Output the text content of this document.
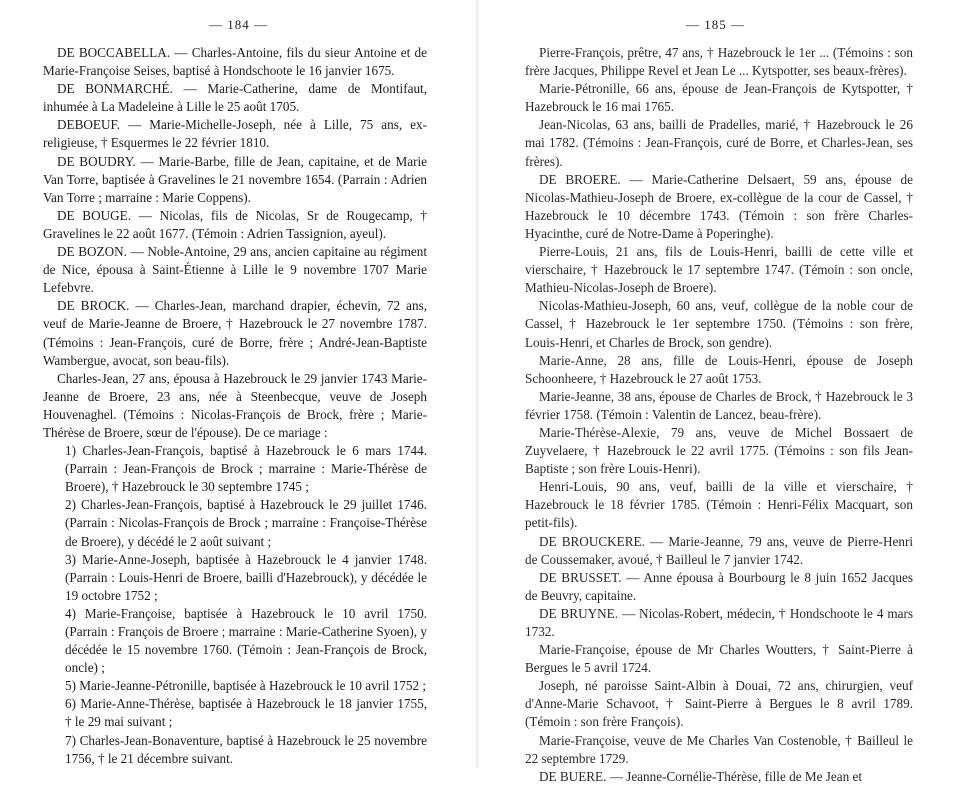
— 184 —

DE BOCCABELLA. — Charles-Antoine, fils du sieur Antoine et de Marie-Françoise Seises, baptisé à Hondschoote le 16 janvier 1675.

DE BONMARCHÉ. — Marie-Catherine, dame de Montifaut, inhumée à La Madeleine à Lille le 25 août 1705.

DEBOEUF. — Marie-Michelle-Joseph, née à Lille, 75 ans, ex-religieuse, † Esquermes le 22 février 1810.

DE BOUDRY. — Marie-Barbe, fille de Jean, capitaine, et de Marie Van Torre, baptisée à Gravelines le 21 novembre 1654. (Parrain : Adrien Van Torre ; marraine : Marie Coppens).

DE BOUGE. — Nicolas, fils de Nicolas, Sr de Rougecamp, † Gravelines le 22 août 1677. (Témoin : Adrien Tassignion, ayeul).

DE BOZON. — Noble-Antoine, 29 ans, ancien capitaine au régiment de Nice, épousa à Saint-Étienne à Lille le 9 novembre 1707 Marie Lefebvre.

DE BROCK. — Charles-Jean, marchand drapier, échevin, 72 ans, veuf de Marie-Jeanne de Broere, † Hazebrouck le 27 novembre 1787. (Témoins : Jean-François, curé de Borre, frère ; André-Jean-Baptiste Wambergue, avocat, son beau-fils).

Charles-Jean, 27 ans, épousa à Hazebrouck le 29 janvier 1743 Marie-Jeanne de Broere, 23 ans, née à Steenbecque, veuve de Joseph Houvenaghel. (Témoins : Nicolas-François de Brock, frère ; Marie-Thérèse de Broere, sœur de l'épouse). De ce mariage :

1) Charles-Jean-François, baptisé à Hazebrouck le 6 mars 1744. (Parrain : Jean-François de Brock ; marraine : Marie-Thérèse de Broere), † Hazebrouck le 30 septembre 1745 ;

2) Charles-Jean-François, baptisé à Hazebrouck le 29 juillet 1746. (Parrain : Nicolas-François de Brock ; marraine : Françoise-Thérèse de Broere), y décédé le 2 août suivant ;

3) Marie-Anne-Joseph, baptisée à Hazebrouck le 4 janvier 1748. (Parrain : Louis-Henri de Broere, bailli d'Hazebrouck), y décédée le 19 octobre 1752 ;

4) Marie-Françoise, baptisée à Hazebrouck le 10 avril 1750. (Parrain : François de Broere ; marraine : Marie-Catherine Syoen), y décédée le 15 novembre 1760. (Témoin : Jean-François de Brock, oncle) ;

5) Marie-Jeanne-Pétronille, baptisée à Hazebrouck le 10 avril 1752 ;

6) Marie-Anne-Thérèse, baptisée à Hazebrouck le 18 janvier 1755, † le 29 mai suivant ;

7) Charles-Jean-Bonaventure, baptisé à Hazebrouck le 25 novembre 1756, † le 21 décembre suivant.

— 185 —

Pierre-François, prêtre, 47 ans, † Hazebrouck le 1er ... (Témoins : son frère Jacques, Philippe Revel et Jean Le ... Kytspotter, ses beaux-frères).

Marie-Pétronille, 66 ans, épouse de Jean-François de Kytspotter, † Hazebrouck le 16 mai 1765.

Jean-Nicolas, 63 ans, bailli de Pradelles, marié, † Hazebrouck le 26 mai 1782. (Témoins : Jean-François, curé de Borre, et Charles-Jean, ses frères).

DE BROERE. — Marie-Catherine Delsaert, 59 ans, épouse de Nicolas-Mathieu-Joseph de Broere, ex-collègue de la cour de Cassel, † Hazebrouck le 10 décembre 1743. (Témoin : son frère Charles-Hyacinthe, curé de Notre-Dame à Poperinghe).

Pierre-Louis, 21 ans, fils de Louis-Henri, bailli de cette ville et vierschaire, † Hazebrouck le 17 septembre 1747. (Témoin : son oncle, Mathieu-Nicolas-Joseph de Broere).

Nicolas-Mathieu-Joseph, 60 ans, veuf, collègue de la noble cour de Cassel, † Hazebrouck le 1er septembre 1750. (Témoins : son frère, Louis-Henri, et Charles de Brock, son gendre).

Marie-Anne, 28 ans, fille de Louis-Henri, épouse de Joseph Schoonheere, † Hazebrouck le 27 août 1753.

Marie-Jeanne, 38 ans, épouse de Charles de Brock, † Hazebrouck le 3 février 1758. (Témoin : Valentin de Lancez, beau-frère).

Marie-Thérèse-Alexie, 79 ans, veuve de Michel Bossaert de Zuyvelaere, † Hazebrouck le 22 avril 1775. (Témoins : son fils Jean-Baptiste ; son frère Louis-Henri).

Henri-Louis, 90 ans, veuf, bailli de la ville et vierschaire, † Hazebrouck le 18 février 1785. (Témoin : Henri-Félix Macquart, son petit-fils).

DE BROUCKERE. — Marie-Jeanne, 79 ans, veuve de Pierre-Henri de Coussemaker, avoué, † Bailleul le 7 janvier 1742.

DE BRUSSET. — Anne épousa à Bourbourg le 8 juin 1652 Jacques de Beuvry, capitaine.

DE BRUYNE. — Nicolas-Robert, médecin, † Hondschoote le 4 mars 1732.

Marie-Françoise, épouse de Mr Charles Woutters, † Saint-Pierre à Bergues le 5 avril 1724.

Joseph, né paroisse Saint-Albin à Douai, 72 ans, chirurgien, veuf d'Anne-Marie Schavoot, † Saint-Pierre à Bergues le 8 avril 1789. (Témoin : son frère François).

Marie-Françoise, veuve de Me Charles Van Costenoble, † Bailleul le 22 septembre 1729.

DE BUERE. — Jeanne-Cornélie-Thérèse, fille de Me Jean et
